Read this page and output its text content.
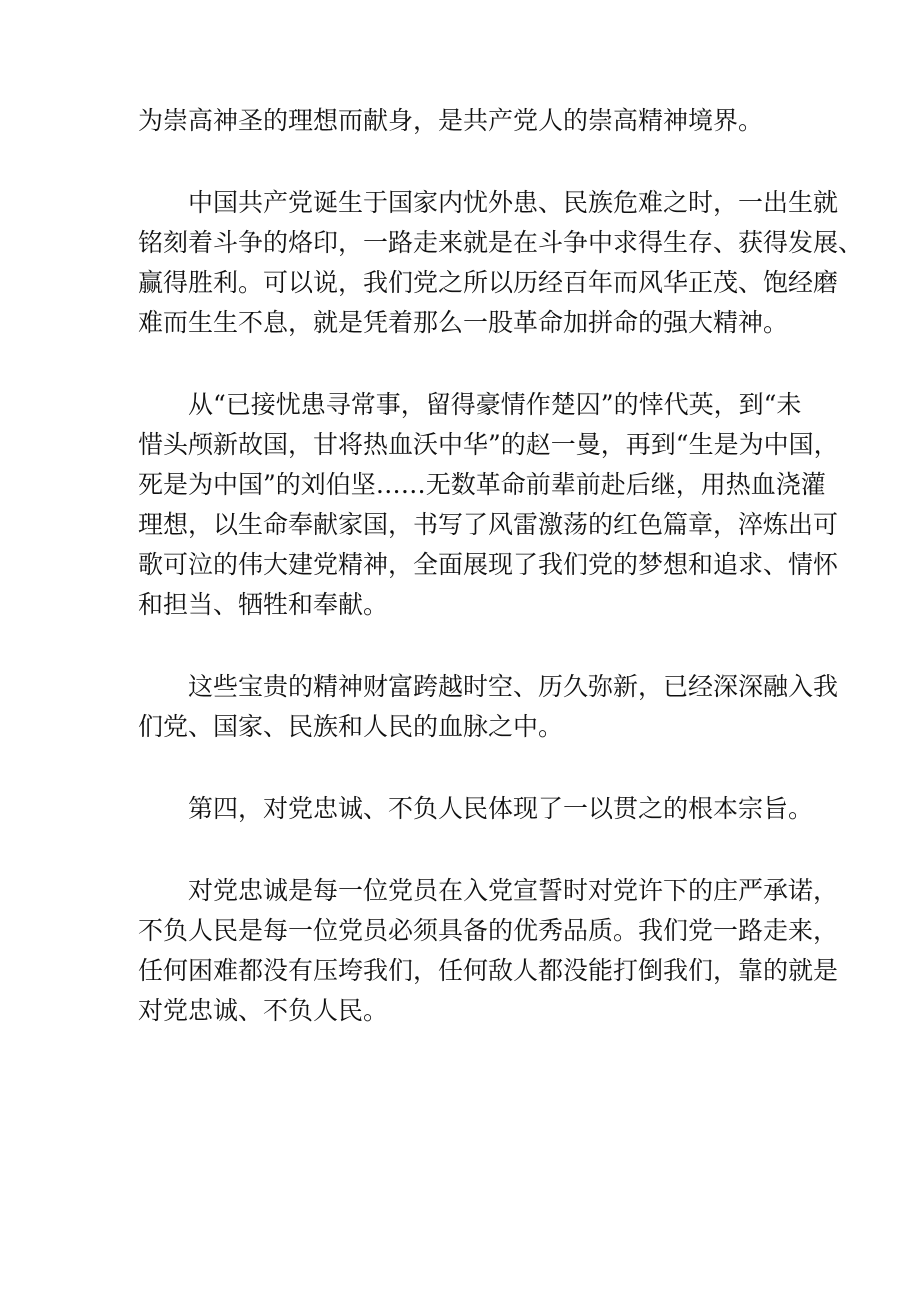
为崇高神圣的理想而献身，是共产党人的崇高精神境界。

中国共产党诞生于国家内忧外患、民族危难之时，一出生就
铭刻着斗争的烙印，一路走来就是在斗争中求得生存、获得发展、
赢得胜利。可以说，我们党之所以历经百年而风华正茂、饱经磨
难而生生不息，就是凭着那么一股革命加拼命的强大精神。

从“已接忧患寻常事，留得豪情作楚囚”的悻代英，到“未
惜头颅新故国，甘将热血沃中华”的赵一曼，再到“生是为中国，
死是为中国”的刘伯坚……无数革命前辈前赴后继，用热血浇灌
理想，以生命奉献家国，书写了风雷激荡的红色篇章，淬炼出可
歌可泣的伟大建党精神，全面展现了我们党的梦想和追求、情怀
和担当、牺牲和奉献。

这些宝贵的精神财富跨越时空、历久弥新，已经深深融入我
们党、国家、民族和人民的血脉之中。

第四，对党忠诚、不负人民体现了一以贯之的根本宗旨。

对党忠诚是每一位党员在入党宣誓时对党许下的庄严承诺，
不负人民是每一位党员必须具备的优秀品质。我们党一路走来，
任何困难都没有压垮我们，任何敌人都没能打倒我们，靠的就是
对党忠诚、不负人民。
